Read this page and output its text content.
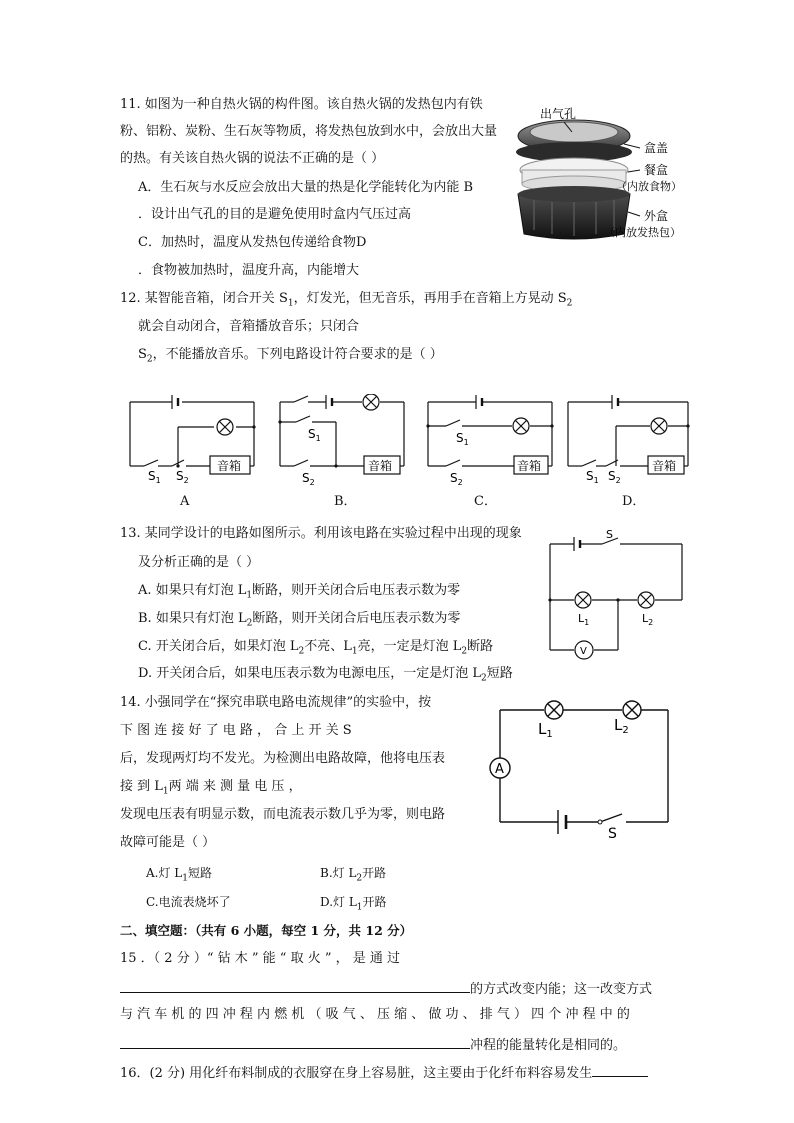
11. 如图为一种自热火锅的构件图。该自热火锅的发热包内有铁
粉、铝粉、炭粉、生石灰等物质，将发热包放到水中，会放出大量
的热。有关该自热火锅的说法不正确的是（ ）
A．生石灰与水反应会放出大量的热是化学能转化为内能 B
．设计出气孔的目的是避免使用时盒内气压过高
C．加热时，温度从发热包传递给食物D
．食物被加热时，温度升高，内能增大
出气孔
盒盖
餐盒
（内放食物）
外盒
（内放发热包）
12. 某智能音箱，闭合开关 $S_1$，灯发光，但无音乐，再用手在音箱上方晃动 $S_2$
就会自动闭合，音箱播放音乐；只闭合
$S_2$，不能播放音乐。下列电路设计符合要求的是（ ）
音箱
$S_1$ $S_2$
A
音箱
$S_1$
$S_2$
B．
音箱
$S_1$
$S_2$
C．
音箱
$S_1$ $S_2$
D．
13. 某同学设计的电路如图所示。利用该电路在实验过程中出现的现象
及分析正确的是（ ）
A. 如果只有灯泡 $L_1$断路，则开关闭合后电压表示数为零
B. 如果只有灯泡 $L_2$断路，则开关闭合后电压表示数为零
C. 开关闭合后，如果灯泡 $L_2$不亮、$L_1$亮，一定是灯泡 $L_2$断路
D. 开关闭合后，如果电压表示数为电源电压，一定是灯泡 $L_2$短路
S
V
$L_1$	$L_2$
14. 小强同学在“探究串联电路电流规律”的实验中，按
下 图 连 接 好 了 电 路 ， 合 上 开 关 S
后，发现两灯均不发光。为检测出电路故障，他将电压表
接 到 $L_1$两 端 来 测 量 电 压 ，
发现电压表有明显示数，而电流表示数几乎为零，则电路
故障可能是（ ）
A.灯 $L_1$短路	B.灯 $L_2$开路
C.电流表烧坏了	D.灯 $L_1$开路
A
$L_1$
$L_2$
S
二、填空题：（共有 6 小题，每空 1 分，共 12 分）
15 ．（ 2 分 ）“ 钻 木 ” 能 “ 取 火 ” ， 是 通 过
的方式改变内能；这一改变方式
与 汽 车 机 的 四 冲 程 内 燃 机 （ 吸 气 、 压 缩 、 做 功 、 排 气 ） 四 个 冲 程 中 的
冲程的能量转化是相同的。
16．(2 分) 用化纤布料制成的衣服穿在身上容易脏，这主要由于化纤布料容易发生
